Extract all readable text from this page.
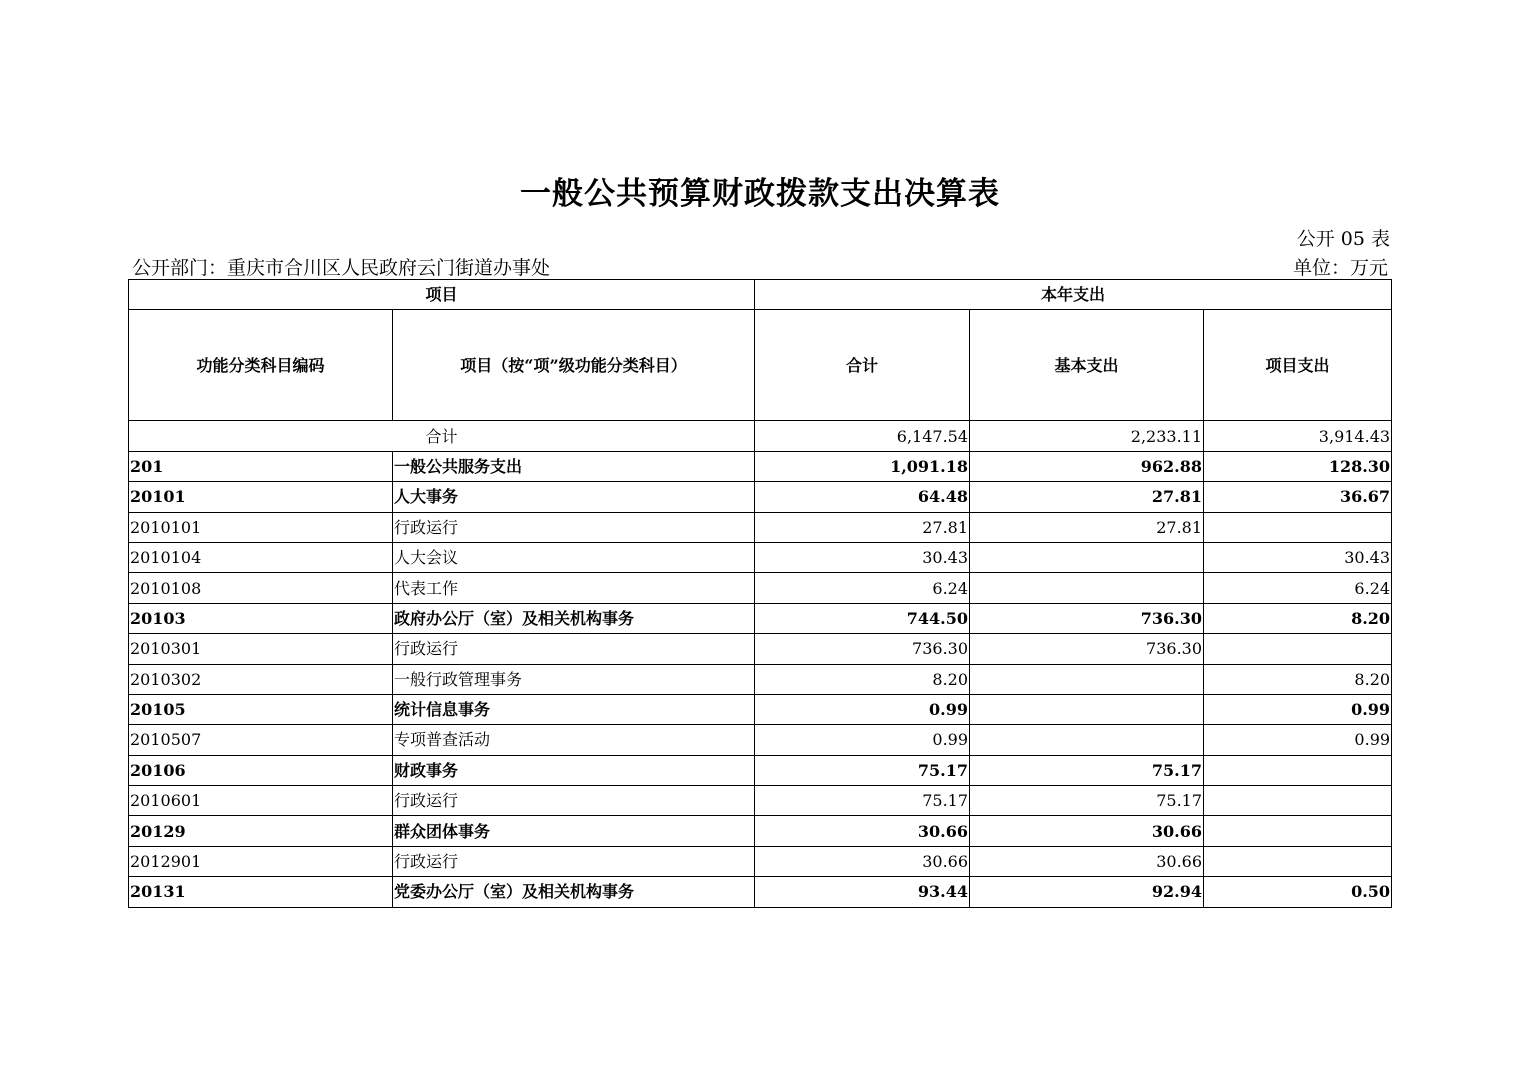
一般公共预算财政拨款支出决算表
公开 05 表
公开部门：重庆市合川区人民政府云门街道办事处	单位：万元
项目		本年支出		
功能分类科目编码	项目（按“项”级功能分类科目）	合计	基本支出	项目支出
合计		6,147.54	2,233.11	3,914.43
201	一般公共服务支出	1,091.18	962.88	128.30
20101	人大事务	64.48	27.81	36.67
2010101	行政运行	27.81	27.81	
2010104	人大会议	30.43		30.43
2010108	代表工作	6.24		6.24
20103	政府办公厅（室）及相关机构事务	744.50	736.30	8.20
2010301	行政运行	736.30	736.30	
2010302	一般行政管理事务	8.20		8.20
20105	统计信息事务	0.99		0.99
2010507	专项普查活动	0.99		0.99
20106	财政事务	75.17	75.17	
2010601	行政运行	75.17	75.17	
20129	群众团体事务	30.66	30.66	
2012901	行政运行	30.66	30.66	
20131	党委办公厅（室）及相关机构事务	93.44	92.94	0.50
